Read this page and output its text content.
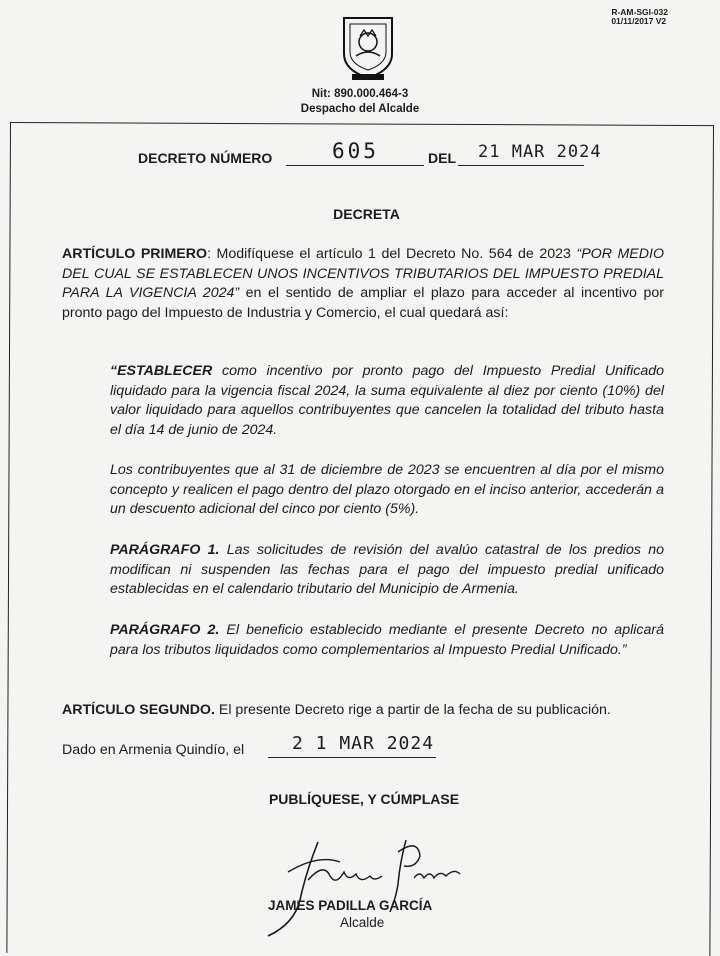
R-AM-SGI-032
01/11/2017 V2
Nit: 890.000.464-3
Despacho del Alcalde
DECRETO NÚMERO	605	DEL 21 MAR 2024
DECRETA
ARTÍCULO PRIMERO: Modifíquese el artículo 1 del Decreto No. 564 de 2023 “POR MEDIO DEL CUAL SE ESTABLECEN UNOS INCENTIVOS TRIBUTARIOS DEL IMPUESTO PREDIAL PARA LA VIGENCIA 2024” en el sentido de ampliar el plazo para acceder al incentivo por pronto pago del Impuesto de Industria y Comercio, el cual quedará así:
“ESTABLECER como incentivo por pronto pago del Impuesto Predial Unificado liquidado para la vigencia fiscal 2024, la suma equivalente al diez por ciento (10%) del valor liquidado para aquellos contribuyentes que cancelen la totalidad del tributo hasta el día 14 de junio de 2024.
Los contribuyentes que al 31 de diciembre de 2023 se encuentren al día por el mismo concepto y realicen el pago dentro del plazo otorgado en el inciso anterior, accederán a un descuento adicional del cinco por ciento (5%).
PARÁGRAFO 1. Las solicitudes de revisión del avalúo catastral de los predios no modifican ni suspenden las fechas para el pago del impuesto predial unificado establecidas en el calendario tributario del Municipio de Armenia.
PARÁGRAFO 2. El beneficio establecido mediante el presente Decreto no aplicará para los tributos liquidados como complementarios al Impuesto Predial Unificado.”
ARTÍCULO SEGUNDO. El presente Decreto rige a partir de la fecha de su publicación.
Dado en Armenia Quindío, el	2 1 MAR 2024
PUBLÍQUESE, Y CÚMPLASE
JAMES PADILLA GARCÍA
Alcalde
